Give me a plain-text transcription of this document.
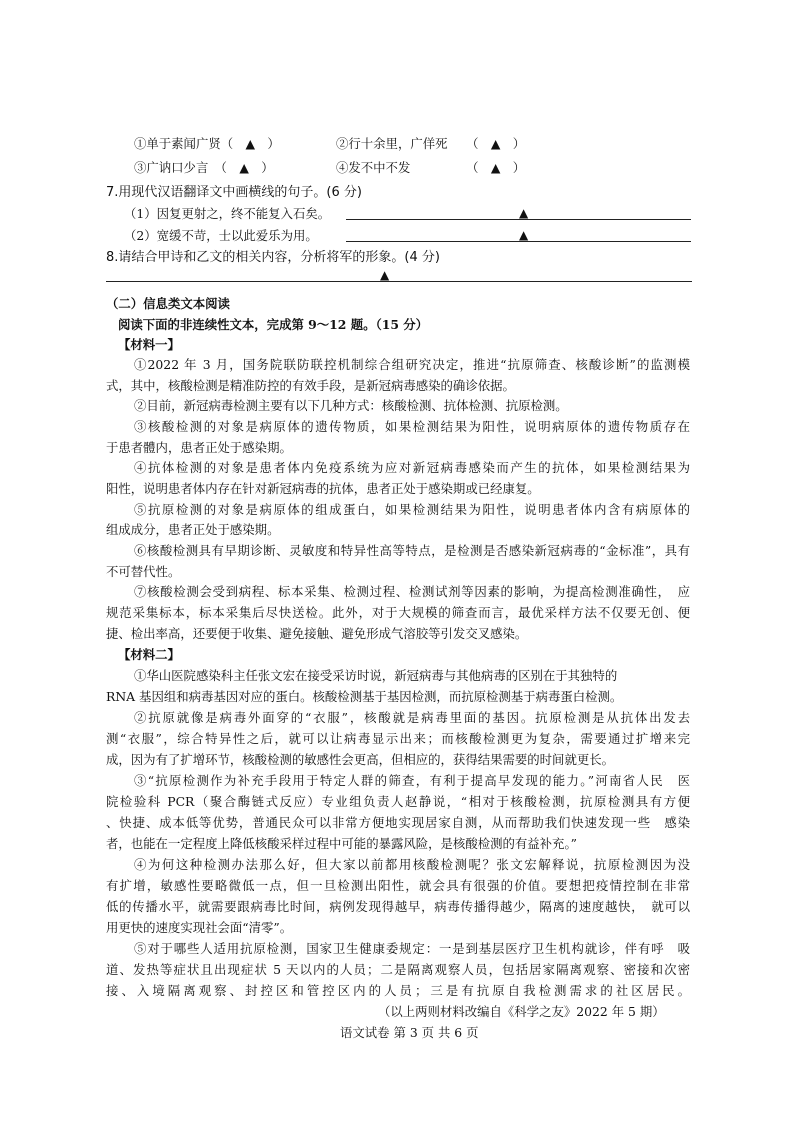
①单于素闻广贤（　▲　）	②行十余里，广佯死　　（　▲　）
③广讷口少言　（　▲　）	④发不中不发　　　　　（　▲　）
7.用现代汉语翻译文中画横线的句子。(6 分)
（1）因复更射之，终不能复入石矣。	▲
（2）宽缓不苛，士以此爱乐为用。	▲
8.请结合甲诗和乙文的相关内容，分析将军的形象。(4 分)
▲
（二）信息类文本阅读
阅读下面的非连续性文本，完成第 9～12 题。（15 分）
【材料一】
①2022 年 3 月，国务院联防联控机制综合组研究决定，推进“抗原筛查、核酸诊断”的监测模
式，其中，核酸检测是精准防控的有效手段，是新冠病毒感染的确诊依据。
②目前，新冠病毒检测主要有以下几种方式：核酸检测、抗体检测、抗原检测。
③核酸检测的对象是病原体的遗传物质，如果检测结果为阳性，说明病原体的遗传物质存在
于患者體内，患者正处于感染期。
④抗体检测的对象是患者体内免疫系统为应对新冠病毒感染而产生的抗体，如果检测结果为
阳性，说明患者体内存在针对新冠病毒的抗体，患者正处于感染期或已经康复。
⑤抗原检测的对象是病原体的组成蛋白，如果检测结果为阳性，说明患者体内含有病原体的
组成成分，患者正处于感染期。
⑥核酸检测具有早期诊断、灵敏度和特异性高等特点，是检测是否感染新冠病毒的“金标准”，具有
不可替代性。
⑦核酸检测会受到病程、标本采集、检测过程、检测试剂等因素的影响，为提高检测准确性，　应
规范采集标本，标本采集后尽快送检。此外，对于大规模的筛查而言，最优采样方法不仅要无创、便
捷、检出率高，还要便于收集、避免接触、避免形成气溶胶等引发交叉感染。
【材料二】
①华山医院感染科主任张文宏在接受采访时说，新冠病毒与其他病毒的区别在于其独特的
RNA 基因组和病毒基因对应的蛋白。核酸检测基于基因检测，而抗原检测基于病毒蛋白检测。
②抗原就像是病毒外面穿的“衣服”，核酸就是病毒里面的基因。抗原检测是从抗体出发去
测“衣服”，综合特异性之后，就可以让病毒显示出来；而核酸检测更为复杂，需要通过扩增来完
成，因为有了扩增环节，核酸检测的敏感性会更高，但相应的，获得结果需要的时间就更长。
③“抗原检测作为补充手段用于特定人群的筛查，有利于提高早发现的能力。”河南省人民　医
院检验科 PCR（聚合酶链式反应）专业组负责人赵静说，“相对于核酸检测，抗原检测具有方便
、快捷、成本低等优势，普通民众可以非常方便地实现居家自测，从而帮助我们快速发现一些　感染
者，也能在一定程度上降低核酸采样过程中可能的暴露风险，是核酸检测的有益补充。”
④为何这种检测办法那么好，但大家以前都用核酸检测呢？张文宏解释说，抗原检测因为没
有扩增，敏感性要略微低一点，但一旦检测出阳性，就会具有很强的价值。要想把疫情控制在非常
低的传播水平，就需要跟病毒比时间，病例发现得越早，病毒传播得越少，隔离的速度越快，　就可以
用更快的速度实现社会面“清零”。
⑤对于哪些人适用抗原检测，国家卫生健康委规定：一是到基层医疗卫生机构就诊，伴有呼　吸
道、发热等症状且出现症状 5 天以内的人员；二是隔离观察人员，包括居家隔离观察、密接和次密
接、入境隔离观察、封控区和管控区内的人员；三是有抗原自我检测需求的社区居民。
（以上两则材料改编自《科学之友》2022 年 5 期）
语文试卷 第 3 页 共 6 页
